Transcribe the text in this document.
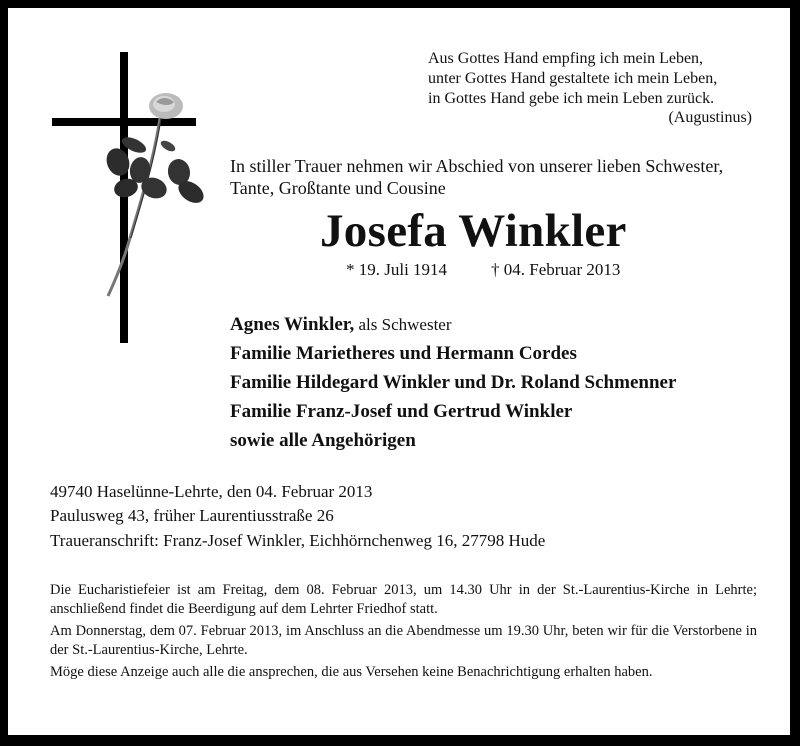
Aus Gottes Hand empfing ich mein Leben,
unter Gottes Hand gestaltete ich mein Leben,
in Gottes Hand gebe ich mein Leben zurück.
(Augustinus)
In stiller Trauer nehmen wir Abschied von unserer lieben Schwester,
Tante, Großtante und Cousine
Josefa Winkler
* 19. Juli 1914	† 04. Februar 2013
Agnes Winkler, als Schwester
Familie Marietheres und Hermann Cordes
Familie Hildegard Winkler und Dr. Roland Schmenner
Familie Franz-Josef und Gertrud Winkler
sowie alle Angehörigen
49740 Haselünne-Lehrte, den 04. Februar 2013
Paulusweg 43, früher Laurentiusstraße 26
Traueranschrift: Franz-Josef Winkler, Eichhörnchenweg 16, 27798 Hude
Die Eucharistiefeier ist am Freitag, dem 08. Februar 2013, um 14.30 Uhr in der St.-Laurentius-Kirche in Lehrte; anschließend findet die Beerdigung auf dem Lehrter Friedhof statt.
Am Donnerstag, dem 07. Februar 2013, im Anschluss an die Abendmesse um 19.30 Uhr, beten wir für die Verstorbene in der St.-Laurentius-Kirche, Lehrte.
Möge diese Anzeige auch alle die ansprechen, die aus Versehen keine Benachrichtigung erhalten haben.
